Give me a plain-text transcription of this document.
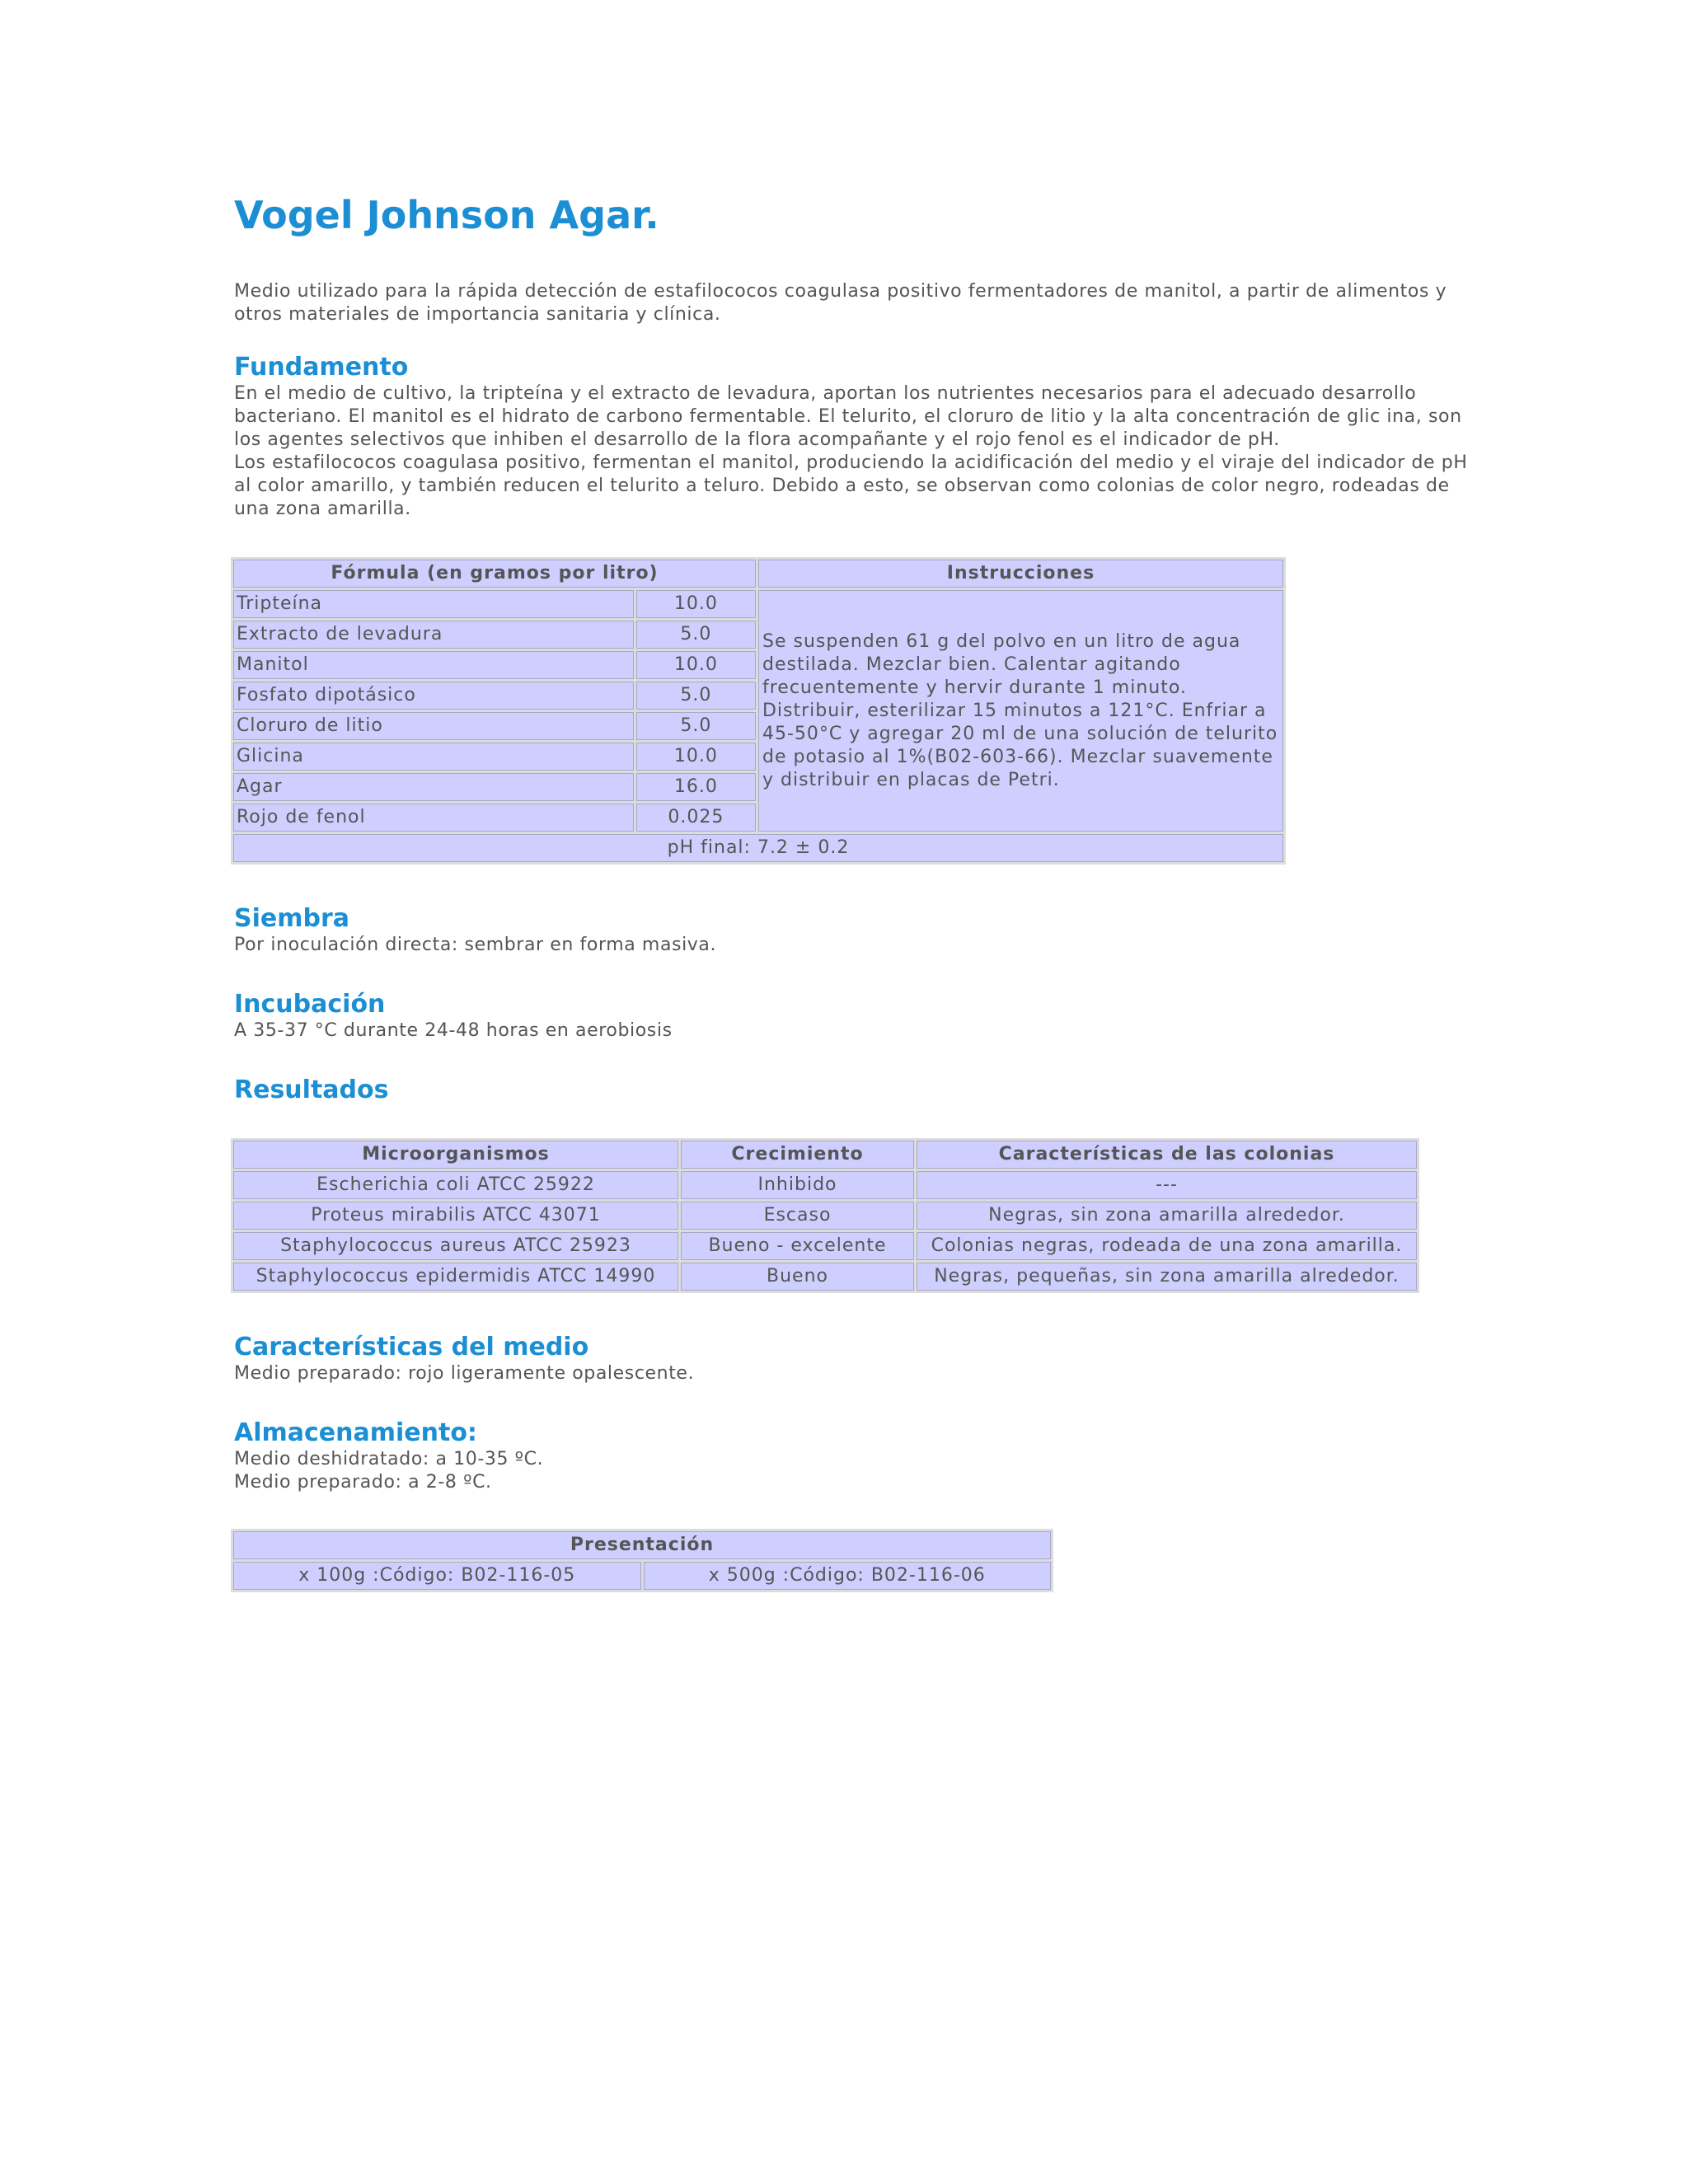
Vogel Johnson Agar.

Medio utilizado para la rápida detección de estafilococos coagulasa positivo fermentadores de manitol, a partir de alimentos y otros materiales de importancia sanitaria y clínica.

Fundamento

En el medio de cultivo, la tripteína y el extracto de levadura, aportan los nutrientes necesarios para el adecuado desarrollo bacteriano. El manitol es el hidrato de carbono fermentable. El telurito, el cloruro de litio y la alta concentración de glic ina, son los agentes selectivos que inhiben el desarrollo de la flora acompañante y el rojo fenol es el indicador de pH.

Los estafilococos coagulasa positivo, fermentan el manitol, produciendo la acidificación del medio y el viraje del indicador de pH al color amarillo, y también reducen el telurito a teluro. Debido a esto, se observan como colonias de color negro, rodeadas de una zona amarilla.

Fórmula (en gramos por litro)		Instrucciones
Tripteína	10.0	Se suspenden 61 g del polvo en un litro de agua destilada. Mezclar bien. Calentar agitando frecuentemente y hervir durante 1 minuto. Distribuir, esterilizar 15 minutos a 121°C. Enfriar a 45-50°C y agregar 20 ml de una solución de telurito de potasio al 1%(B02-603-66). Mezclar suavemente y distribuir en placas de Petri.
Extracto de levadura	5.0	
Manitol	10.0	
Fosfato dipotásico	5.0	
Cloruro de litio	5.0	
Glicina	10.0	
Agar	16.0	
Rojo de fenol	0.025	
pH final: 7.2 ± 0.2		
Siembra

Por inoculación directa: sembrar en forma masiva.

Incubación

A 35-37 °C durante 24-48 horas en aerobiosis

Resultados
Microorganismos	Crecimiento	Características de las colonias
Escherichia coli ATCC 25922	Inhibido	---
Proteus mirabilis ATCC 43071	Escaso	Negras, sin zona amarilla alrededor.
Staphylococcus aureus ATCC 25923	Bueno - excelente	Colonias negras, rodeada de una zona amarilla.
Staphylococcus epidermidis ATCC 14990	Bueno	Negras, pequeñas, sin zona amarilla alrededor.
Características del medio

Medio preparado: rojo ligeramente opalescente.

Almacenamiento:

Medio deshidratado: a 10-35 ºC.

Medio preparado: a 2-8 ºC.

Presentación
x 100g :Código: B02-116-05	x 500g :Código: B02-116-06
